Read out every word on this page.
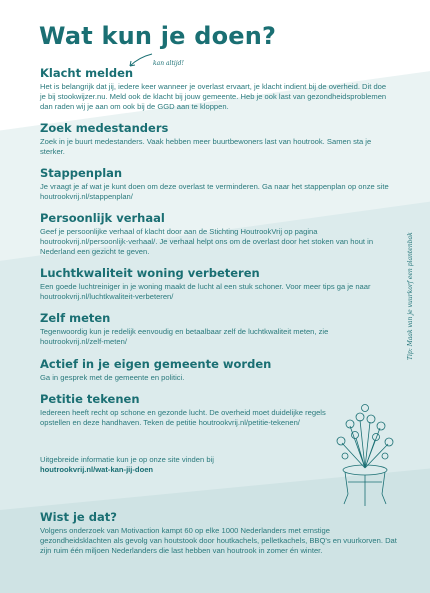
Wat kun je doen?
kan altijd!
Klacht melden

Het is belangrijk dat jij, iedere keer wanneer je overlast ervaart, je klacht indient bij de overheid. Dit doe je bij stookwijzer.nu. Meld ook de klacht bij jouw gemeente. Heb je ook last van gezondheidsproblemen dan raden wij je aan om ook bij de GGD aan te kloppen.

Zoek medestanders

Zoek in je buurt medestanders. Vaak hebben meer buurtbewoners last van houtrook. Samen sta je sterker.

Stappenplan

Je vraagt je af wat je kunt doen om deze overlast te verminderen. Ga naar het stappenplan op onze site houtrookvrij.nl/stappenplan/

Persoonlijk verhaal

Geef je persoonlijke verhaal of klacht door aan de Stichting HoutrookVrij op pagina houtrookvrij.nl/persoonlijk-verhaal/. Je verhaal helpt ons om de overlast door het stoken van hout in Nederland een gezicht te geven.

Luchtkwaliteit woning verbeteren

Een goede luchtreiniger in je woning maakt de lucht al een stuk schoner. Voor meer tips ga je naar houtrookvrij.nl/luchtkwaliteit-verbeteren/

Zelf meten

Tegenwoordig kun je redelijk eenvoudig en betaalbaar zelf de luchtkwaliteit meten, zie houtrookvrij.nl/zelf-meten/

Actief in je eigen gemeente worden

Ga in gesprek met de gemeente en politici.

Petitie tekenen

Iedereen heeft recht op schone en gezonde lucht. De overheid moet duidelijke regels opstellen en deze handhaven. Teken de petitie houtrookvrij.nl/petitie-tekenen/

Uitgebreide informatie kun je op onze site vinden bij
houtrookvrij.nl/wat-kan-jij-doen
Tip: Maak van je vuurkorf een plantenbak
Wist je dat?

Volgens onderzoek van Motivaction kampt 60 op elke 1000 Nederlanders met ernstige gezondheidsklachten als gevolg van houtstook door houtkachels, pelletkachels, BBQ's en vuurkorven. Dat zijn ruim één miljoen Nederlanders die last hebben van houtrook in zomer én winter.
